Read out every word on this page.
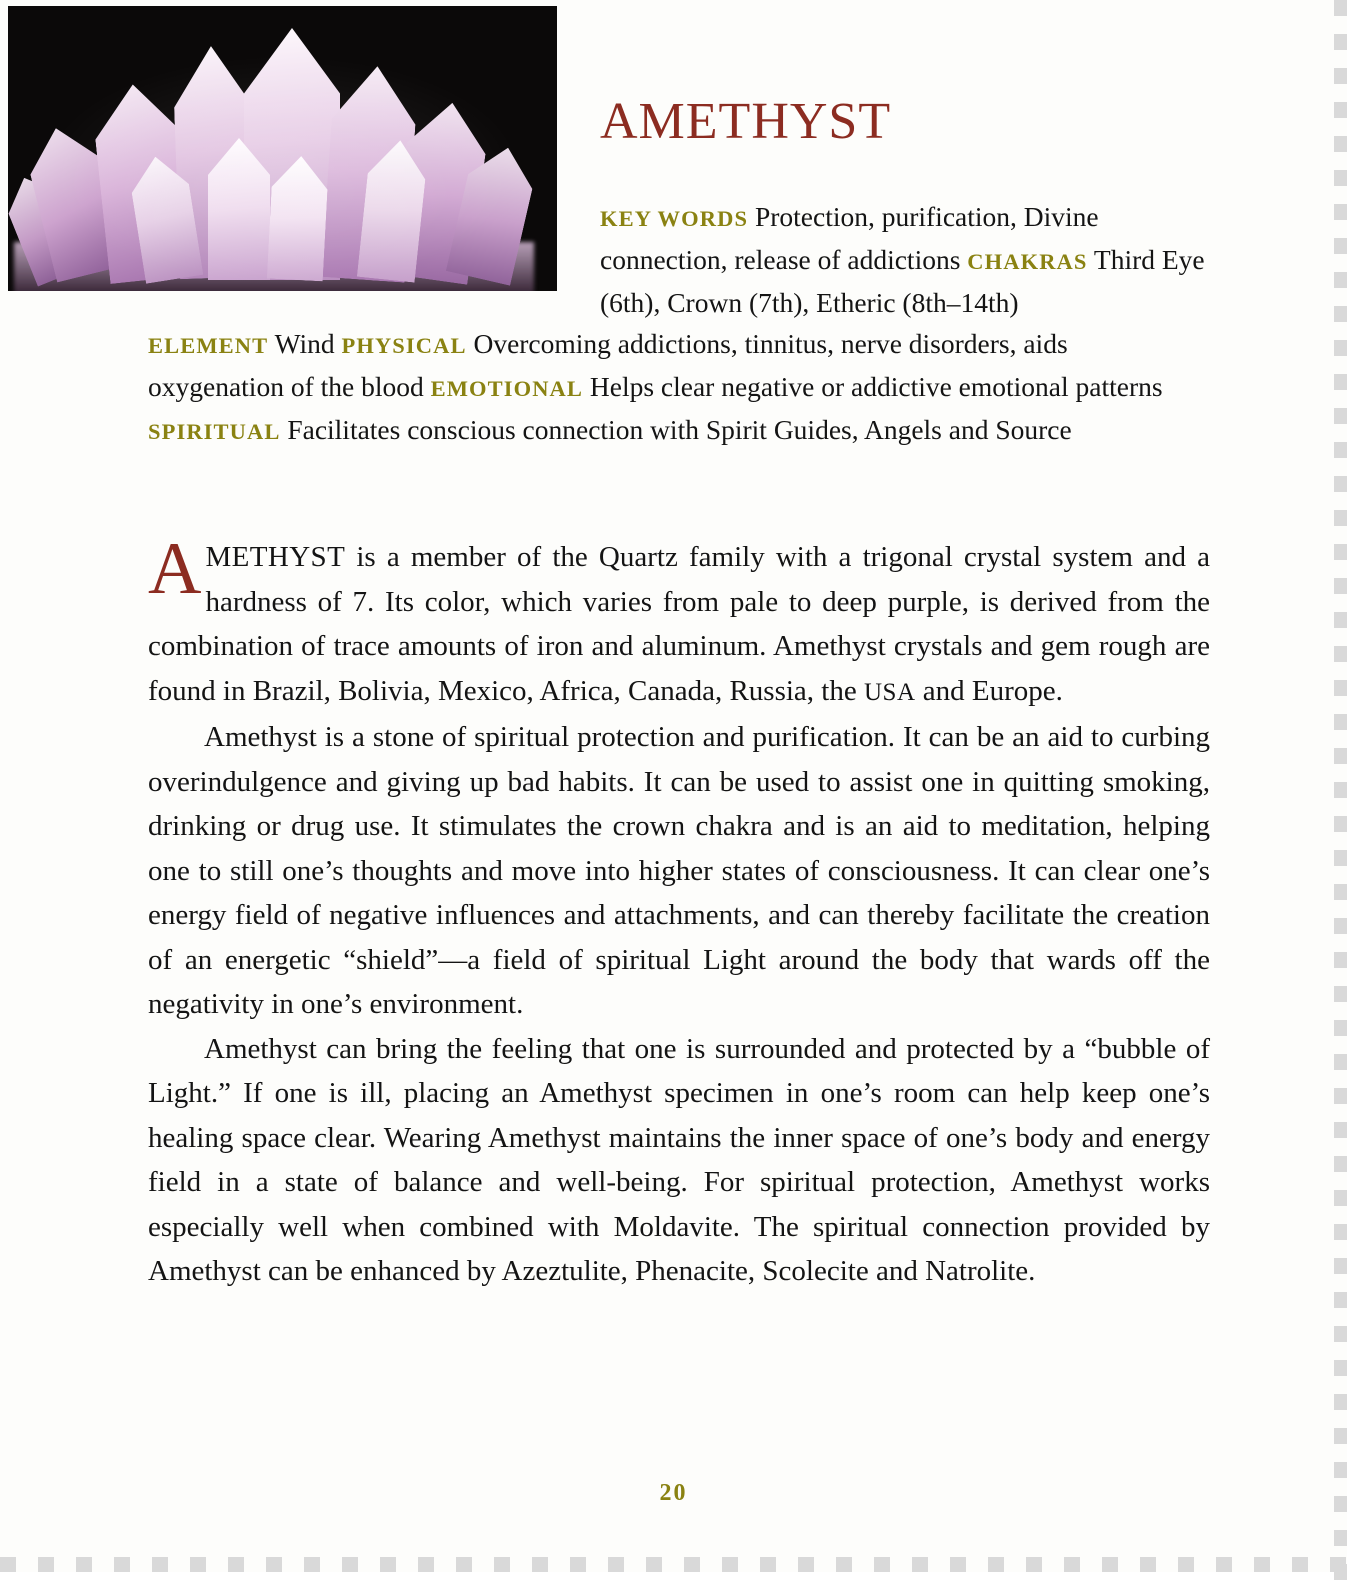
AMETHYST
KEY WORDS Protection, purification, Divine connection, release of addictions CHAKRAS Third Eye (6th), Crown (7th), Etheric (8th–14th)
ELEMENT Wind PHYSICAL Overcoming addictions, tinnitus, nerve disorders, aids oxygenation of the blood EMOTIONAL Helps clear negative or addictive emotional patterns SPIRITUAL Facilitates conscious connection with Spirit Guides, Angels and Source

AMETHYST is a member of the Quartz family with a trigonal crystal system and a hardness of 7. Its color, which varies from pale to deep purple, is derived from the combination of trace amounts of iron and aluminum. Amethyst crystals and gem rough are found in Brazil, Bolivia, Mexico, Africa, Canada, Russia, the USA and Europe.

Amethyst is a stone of spiritual protection and purification. It can be an aid to curbing overindulgence and giving up bad habits. It can be used to assist one in quitting smoking, drinking or drug use. It stimulates the crown chakra and is an aid to meditation, helping one to still one’s thoughts and move into higher states of consciousness. It can clear one’s energy field of negative influences and attachments, and can thereby facilitate the creation of an energetic “shield”—a field of spiritual Light around the body that wards off the negativity in one’s environment.

Amethyst can bring the feeling that one is surrounded and protected by a “bubble of Light.” If one is ill, placing an Amethyst specimen in one’s room can help keep one’s healing space clear. Wearing Amethyst maintains the inner space of one’s body and energy field in a state of balance and well-being. For spiritual protection, Amethyst works especially well when combined with Moldavite. The spiritual connection provided by Amethyst can be enhanced by Azeztulite, Phenacite, Scolecite and Natrolite.

20
